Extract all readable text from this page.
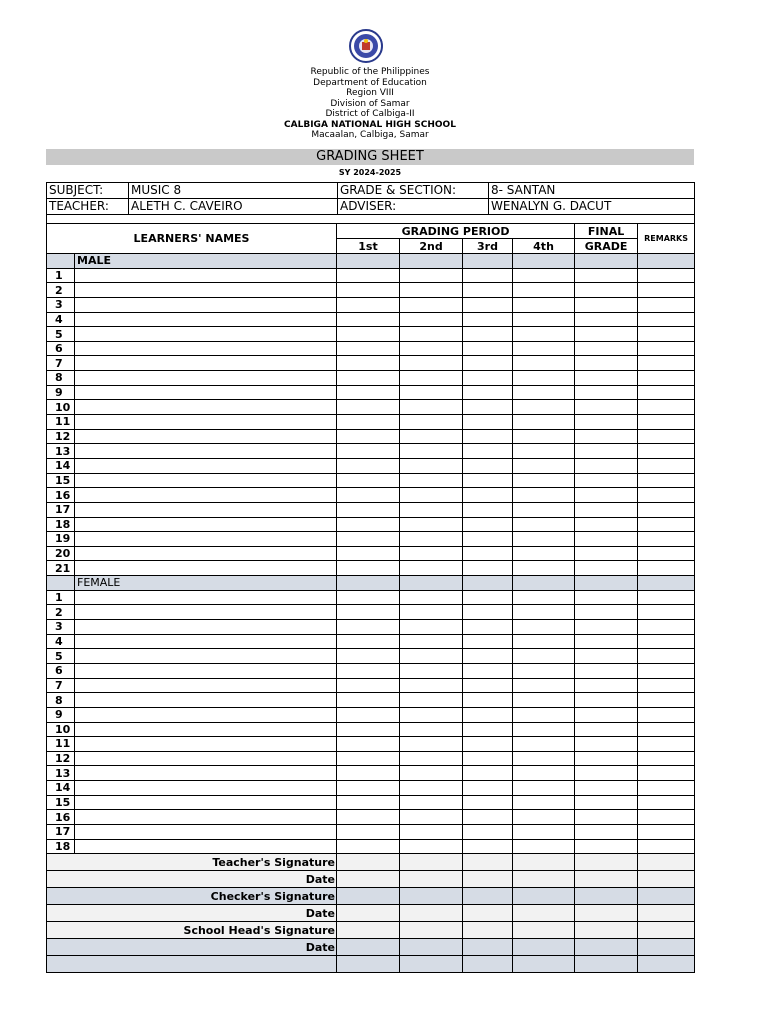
Republic of the Philippines
Department of Education
Region VIII
Division of Samar
District of Calbiga-II
CALBIGA NATIONAL HIGH SCHOOL
Macaalan, Calbiga, Samar
GRADING SHEET
SY 2024-2025
SUBJECT:	MUSIC 8	GRADE & SECTION:	8- SANTAN
TEACHER:	ALETH C. CAVEIRO	ADVISER:	WENALYN G. DACUT

LEARNERS' NAMES		GRADING PERIOD				FINAL	REMARKS
		1st	2nd	3rd	4th	GRADE	
	MALE						
1							
2							
3							
4							
5							
6							
7							
8							
9							
10							
11							
12							
13							
14							
15							
16							
17							
18							
19							
20							
21							
	FEMALE						
1							
2							
3							
4							
5							
6							
7							
8							
9							
10							
11							
12							
13							
14							
15							
16							
17							
18							
Teacher's Signature							
Date							
Checker's Signature							
Date							
School Head's Signature							
Date							
